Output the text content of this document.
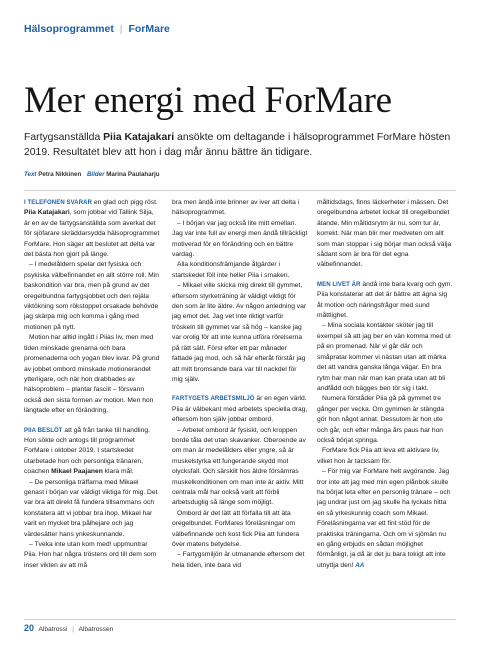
Hälsoprogrammet | ForMare
Mer energi med ForMare

Fartygsanställda Piia Katajakari ansökte om deltagande i hälsoprogrammet ForMare hösten 2019. Resultatet blev att hon i dag mår ännu bättre än tidigare.

Text Petra Nikkinen Bilder Marina Paulaharju

I TELEFONEN SVARAR en glad och pigg röst. Piia Katajakari, som jobbar vid Tallink Silja, är en av de fartygsanställda som averkat det för sjöfarare skräddarsydda hälsoprogrammet ForMare. Hon säger att beslutet att delta var det bästa hon gjort på länge.

– I medelåldern spelar det fysiska och psykiska välbefinnandet en allt större roll. Min baskondition var bra, men på grund av det oregelbundna fartygsjobbet och den rejäla viktökning som rökstoppet orsakade behövde jag skärpa mig och komma i gång med motionen på nytt.

Motion har alltid ingått i Piias liv, men med tiden minskade grenarna och bara promenaderna och yogan blev kvar. På grund av jobbet ombord minskade motionerandet ytterligare, och när hon drabbades av hälsoproblem – plantar fasciit – försvann också den sista formen av motion. Men hon längtade efter en förändring.

PIIA BESLÖT att gå från tanke till handling. Hon sökte och antogs till programmet ForMare i oktober 2019. I startskedet utarbetade hon och personliga tränaren, coachen Mikael Paajanen klara mål.

– De personliga träffarna med Mikael genast i början var väldigt viktiga för mig. Det var bra att direkt få fundera tillsammans och konstatera att vi jobbar bra ihop. Mikael har varit en mycket bra pålhejare och jag värdesätter hans ynkeskunnande.

– Tveka inte utan kom med! uppmuntrar Piia. Hon har några tröstens ord till dem som inser vikten av att må

bra men ändå inte brinner av iver att delta i hälsoprogrammet.

– I början var jag också lite mitt emellan. Jag var inte full av energi men ändå tillräckligt motiverad för en förändring och en bättre vardag.

Alla konditionsfrämjande åtgärder i startskedet föll inte heller Piia i smaken.

– Mikael ville skicka mig direkt till gymmet, eftersom styrketräning är väldigt viktigt för den som är lite äldre. Av någon anledning var jag emot det. Jag vet inte riktigt varför tröskeln till gymmet var så hög – kanske jag var orolig för att inte kunna utföra rörelserna på rätt sätt. Först efter ett par månader fattade jag mod, och så här efteråt förstår jag att mitt bromsande bara var till nackdel för mig själv.

FARTYGETS ARBETSMILJÖ är en egen värld. Piia är välbekant med arbetets speciella drag, eftersom hon själv jobbar ombord.

– Arbetet ombord är fysiskt, och kroppen borde tåla det utan skavanker. Oberoende av om man är medelålders eller yngre, så är muskelstyrka ett fungerande skydd mot olycksfall. Och särskilt hos äldre försämras muskelkonditionen om man inte är aktiv. Mitt centrala mål har också varit att förbli arbetsduglig så länge som möjligt.

Ombord är det lätt att förfalla till att äta oregelbundet. ForMares föreläsningar om välbefinnande och kost fick Piia att fundera över matens betydelse.

– Fartygsmiljön är utmanande eftersom det hela tiden, inte bara vid

måltidsdags, finns läckerheter i mässen. Det oregelbundna arbetet lockar till oregelbundet ätande. Min måltidsrytm är nu, som tur är, korrekt. När man blir mer medveten om allt som man stoppar i sig börjar man också välja sådant som är bra för det egna välbefinnandet.

MEN LIVET ÄR ändå inte bara kvarg och gym. Piia konstaterar att det är bättre att ägna sig åt motion och näringsfrågor med sund måttlighet.

– Mina sociala kontakter sköter jag till exempel så att jag ber en vän komma med ut på en promenad. När vi går där och småpratar kommer vi nästan utan att märka det att vandra ganska långa vägar. En bra rytm har man när man kan prata utan att bli andfådd och bägges ben tör sig i takt.

Numera förståder Piia gå på gymmet tre gånger per vecka. Om gymmen är stängda gör hon något annat. Dessutom är hon ute och går, och efter många års paus har hon också börjat springa.

ForMare fick Piia att leva ett aktivare liv, vilket hon är tacksam för.

– För mig var ForMare helt avgörande. Jag tror inte att jag med min egen plånbok skulle ha börjat leta efter en personlig tränare – och jag undrar just om jag skulle ha lyckats hitta en så yrkeskunnig coach som Mikael. Föreläsningarna var ett fint stöd för de praktiska träningarna. Och om vi sjömän nu en gång erbjuds en sådan möjlighet förmånligt, ja då är det ju bara tokigt att inte utnyttja den! AA

20 Albatrossi | Albatrossen
